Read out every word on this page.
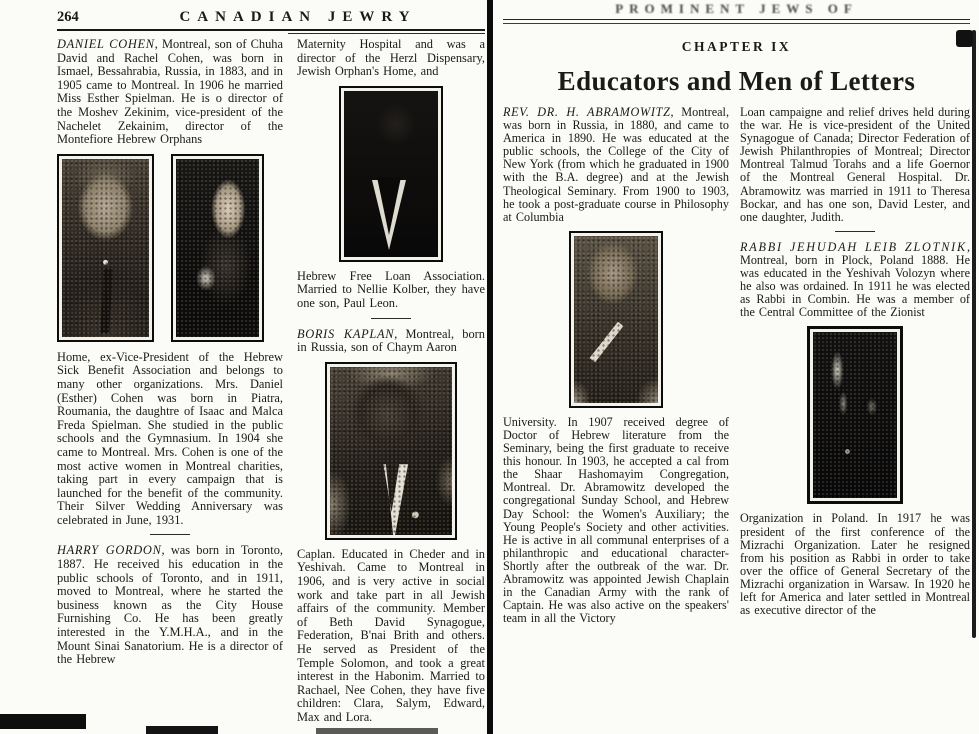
264	CANADIAN JEWRY

DANIEL COHEN, Montreal, son of Chuha David and Rachel Cohen, was born in Ismael, Bessahrabia, Russia, in 1883, and in 1905 came to Montreal. In 1906 he married Miss Esther Spielman. He is o director of the Moshev Zekinim, vice-president of the Nachelet Zekainim, director of the Montefiore Hebrew Orphans

Home, ex-Vice-President of the Hebrew Sick Benefit Association and belongs to many other organizations. Mrs. Daniel (Esther) Cohen was born in Piatra, Roumania, the daughtre of Isaac and Malca Freda Spielman. She studied in the public schools and the Gymnasium. In 1904 she came to Montreal. Mrs. Cohen is one of the most active women in Montreal charities, taking part in every campaign that is launched for the benefit of the community. Their Silver Wedding Anniversary was celebrated in June, 1931.

HARRY GORDON, was born in Toronto, 1887. He received his education in the public schools of Toronto, and in 1911, moved to Montreal, where he started the business known as the City House Furnishing Co. He has been greatly interested in the Y.M.H.A., and in the Mount Sinai Sanatorium. He is a director of the Hebrew

Maternity Hospital and was a director of the Herzl Dispensary, Jewish Orphan's Home, and

Hebrew Free Loan Association. Married to Nellie Kolber, they have one son, Paul Leon.

BORIS KAPLAN, Montreal, born in Russia, son of Chaym Aaron

Caplan. Educated in Cheder and in Yeshivah. Came to Montreal in 1906, and is very active in social work and take part in all Jewish affairs of the community. Member of Beth David Synagogue, Federation, B'nai Brith and others. He served as President of the Temple Solomon, and took a great interest in the Habonim. Married to Rachael, Nee Cohen, they have five children: Clara, Salym, Edward, Max and Lora.

PROMINENT JEWS OF
CHAPTER IX
Educators and Men of Letters

REV. DR. H. ABRAMOWITZ, Montreal, was born in Russia, in 1880, and came to America in 1890. He was educated at the public schools, the College of the City of New York (from which he graduated in 1900 with the B.A. degree) and at the Jewish Theological Seminary. From 1900 to 1903, he took a post-graduate course in Philosophy at Columbia

University. In 1907 received degree of Doctor of Hebrew literature from the Seminary, being the first graduate to receive this honour. In 1903, he accepted a cal from the Shaar Hashomayim Congregation, Montreal. Dr. Abramowitz developed the congregational Sunday School, and Hebrew Day School: the Women's Auxiliary; the Young People's Society and other activities. He is active in all communal enterprises of a philanthropic and educational character- Shortly after the outbreak of the war. Dr. Abramowitz was appointed Jewish Chaplain in the Canadian Army with the rank of Captain. He was also active on the speakers' team in all the Victory

Loan campaigne and relief drives held during the war. He is vice-president of the United Synagogue of Canada; Director Federation of Jewish Philanthropies of Montreal; Director Montreal Talmud Torahs and a life Goernor of the Montreal General Hospital. Dr. Abramowitz was married in 1911 to Theresa Bockar, and has one son, David Lester, and one daughter, Judith.

RABBI JEHUDAH LEIB ZLOTNIK, Montreal, born in Plock, Poland 1888. He was educated in the Yeshivah Volozyn where he also was ordained. In 1911 he was elected as Rabbi in Combin. He was a member of the Central Committee of the Zionist

Organization in Poland. In 1917 he was president of the first conference of the Mizrachi Organization. Later he resigned from his position as Rabbi in order to take over the office of General Secretary of the Mizrachi organization in Warsaw. In 1920 he left for America and later settled in Montreal as executive director of the
